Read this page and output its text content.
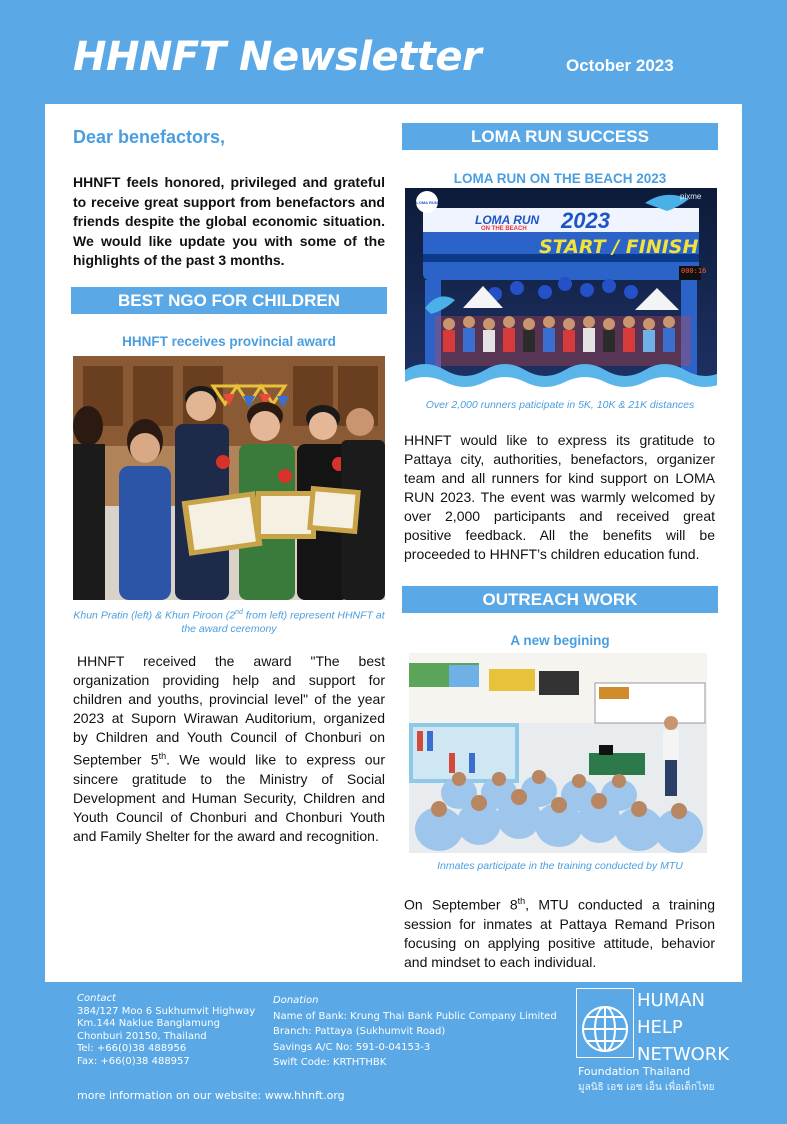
HHNFT Newsletter	October 2023
Dear benefactors,
HHNFT feels honored, privileged and grateful to receive great support from benefactors and friends despite the global economic situation. We would like update you with some of the highlights of the past 3 months.
BEST NGO FOR CHILDREN
HHNFT receives provincial award
Khun Pratin (left) & Khun Piroon (2nd from left) represent HHNFT at the award ceremony
HHNFT received the award "The best organization providing help and support for children and youths, provincial level" of the year 2023 at Suporn Wirawan Auditorium, organized by Children and Youth Council of Chonburi on September 5th. We would like to express our sincere gratitude to the Ministry of Social Development and Human Security, Children and Youth Council of Chonburi and Chonburi Youth and Family Shelter for the award and recognition.
LOMA RUN SUCCESS
LOMA RUN ON THE BEACH 2023
LOMA RUN
pixme
LOMA RUN
ON THE BEACH 2023
START / FINISH
000:16
Over 2,000 runners paticipate in 5K, 10K & 21K distances
HHNFT would like to express its gratitude to Pattaya city, authorities, benefactors, organizer team and all runners for kind support on LOMA RUN 2023. The event was warmly welcomed by over 2,000 participants and received great positive feedback. All the benefits will be proceeded to HHNFT’s children education fund.
OUTREACH WORK
A new begining
Inmates participate in the training conducted by MTU
On September 8th, MTU conducted a training session for inmates at Pattaya Remand Prison focusing on applying positive attitude, behavior and mindset to each individual.
Contact
384/127 Moo 6 Sukhumvit Highway
Km.144 Naklue Banglamung
Chonburi 20150, Thailand
Tel: +66(0)38 488956
Fax: +66(0)38 488957
Donation
Name of Bank: Krung Thai Bank Public Company Limited
Branch: Pattaya (Sukhumvit Road)
Savings A/C No: 591-0-04153-3
Swift Code: KRTHTHBK
more information on our website: www.hhnft.org
HUMAN
HELP
NETWORK
Foundation Thailand
มูลนิธิ เอช เอช เอ็น เพื่อเด็กไทย
